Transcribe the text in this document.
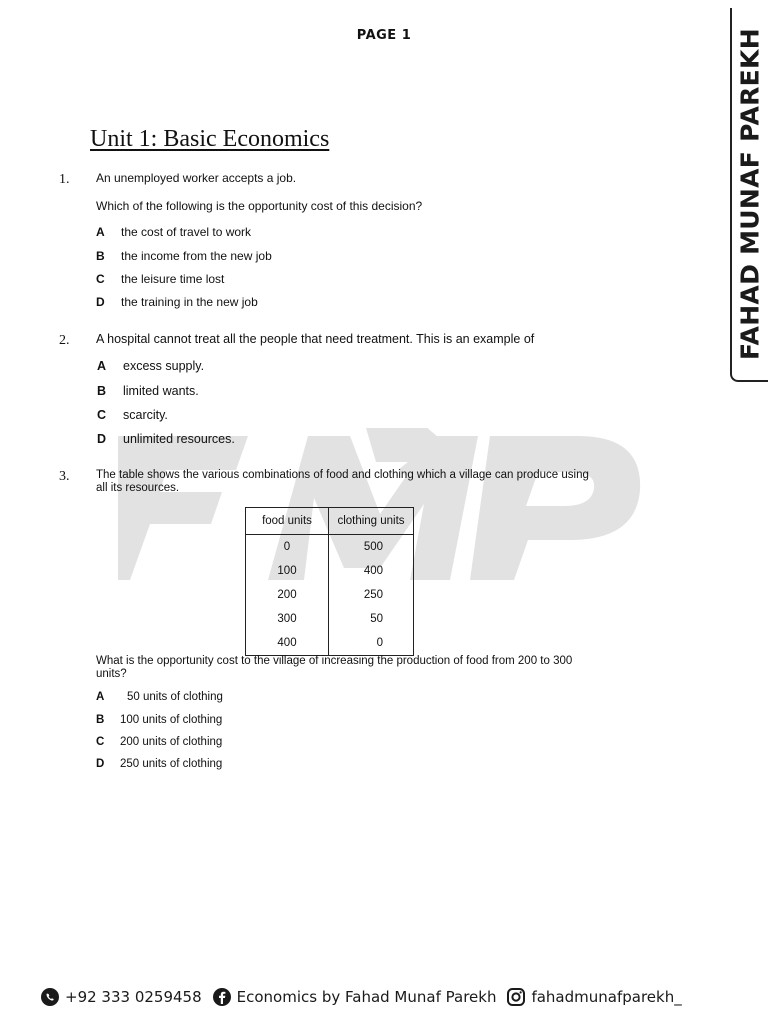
PAGE 1	FAHAD MUNAF PAREKH
Unit 1: Basic Economics
1. An unemployed worker accepts a job.
Which of the following is the opportunity cost of this decision?
A the cost of travel to work
B the income from the new job
C the leisure time lost
D the training in the new job
2. A hospital cannot treat all the people that need treatment. This is an example of
A excess supply.
B limited wants.
C scarcity.
D unlimited resources.
3. The table shows the various combinations of food and clothing which a village can produce using
all its resources.
food units	clothing units
0	500
100	400
200	250
300	50
400	0
What is the opportunity cost to the village of increasing the production of food from 200 to 300
units?
A 50 units of clothing
B 100 units of clothing
C 200 units of clothing
D 250 units of clothing
+92 333 0259458 Economics by Fahad Munaf Parekh fahadmunafparekh_
